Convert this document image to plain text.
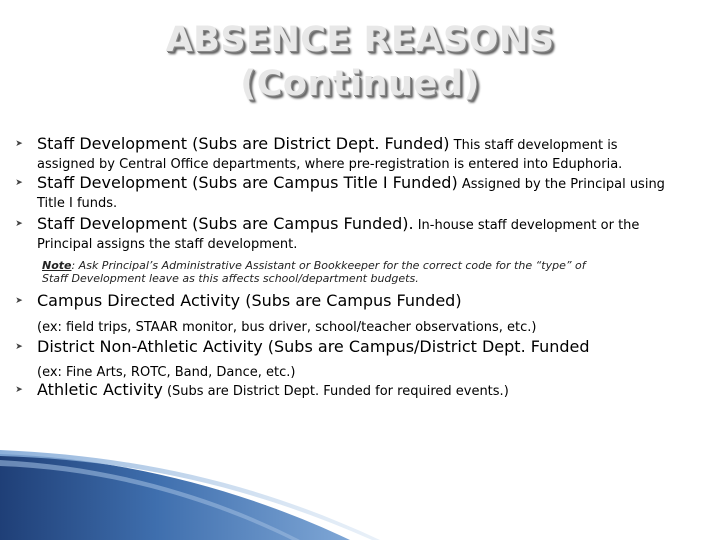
ABSENCE REASONS
(Continued)
➤ Staff Development (Subs are District Dept. Funded) This staff development is
assigned by Central Office departments, where pre-registration is entered into Eduphoria.
➤ Staff Development (Subs are Campus Title I Funded) Assigned by the Principal using
Title I funds.
➤ Staff Development (Subs are Campus Funded). In-house staff development or the
Principal assigns the staff development.
Note: Ask Principal’s Administrative Assistant or Bookkeeper for the correct code for the “type” of
Staff Development leave as this affects school/department budgets.
➤ Campus Directed Activity (Subs are Campus Funded)
(ex: field trips, STAAR monitor, bus driver, school/teacher observations, etc.)
➤ District Non-Athletic Activity (Subs are Campus/District Dept. Funded
(ex: Fine Arts, ROTC, Band, Dance, etc.)
➤ Athletic Activity (Subs are District Dept. Funded for required events.)
